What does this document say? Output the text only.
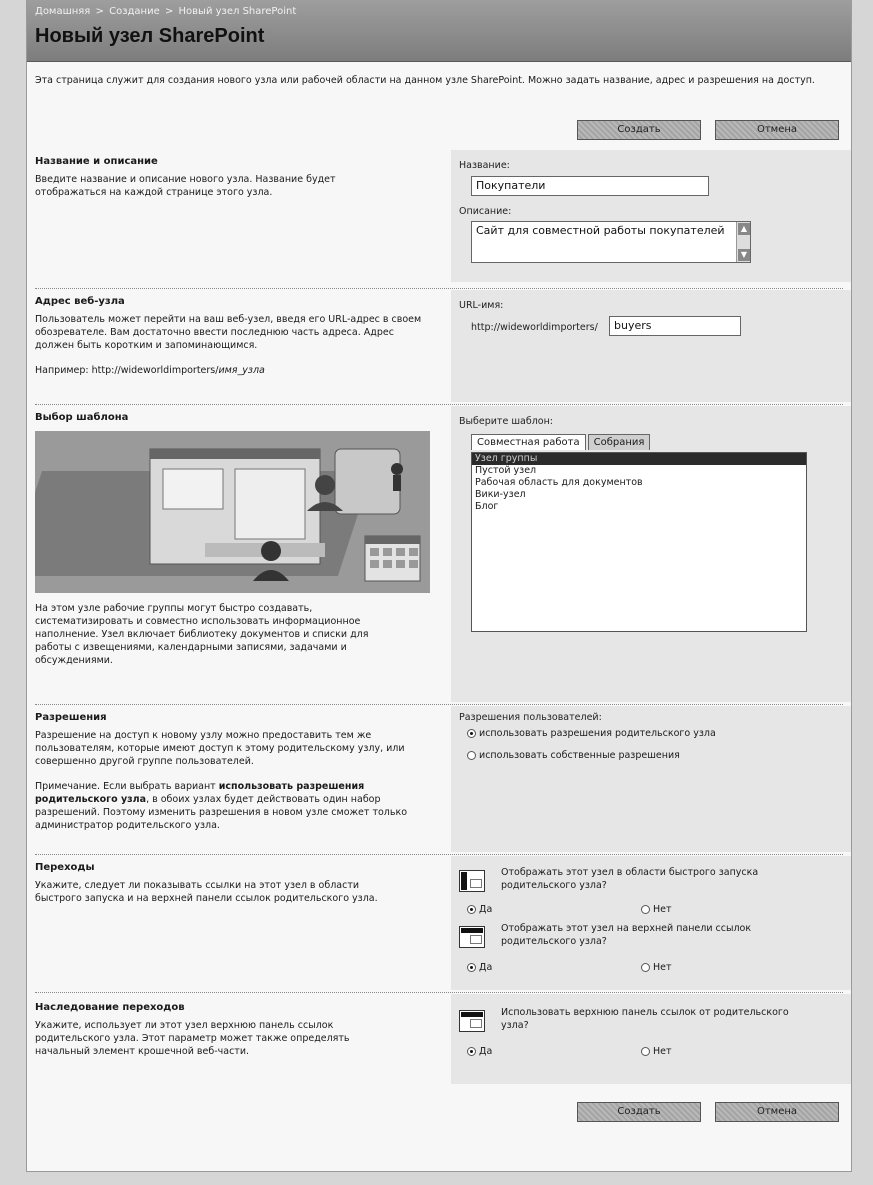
Домашняя > Создание > Новый узел SharePoint
Новый узел SharePoint
Эта страница служит для создания нового узла или рабочей области на данном узле SharePoint. Можно задать название, адрес и разрешения на доступ.
Создать	Отмена
Название и описание
Введите название и описание нового узла. Название будет отображаться на каждой странице этого узла.
Название:
Покупатели
Описание:
Сайт для совместной работы покупателей	▲
▼
Адрес веб-узла
Пользователь может перейти на ваш веб-узел, введя его URL-адрес в своем обозревателе. Вам достаточно ввести последнюю часть адреса. Адрес должен быть коротким и запоминающимся.
Например: http://wideworldimporters/имя_узла
URL-имя:
http://wideworldimporters/	buyers
Выбор шаблона
На этом узле рабочие группы могут быстро создавать, систематизировать и совместно использовать информационное наполнение. Узел включает библиотеку документов и списки для работы с извещениями, календарными записями, задачами и обсуждениями.
Выберите шаблон:
Совместная работа	Собрания
Узел группы
Пустой узел
Рабочая область для документов
Вики-узел
Блог
Разрешения
Разрешение на доступ к новому узлу можно предоставить тем же пользователям, которые имеют доступ к этому родительскому узлу, или совершенно другой группе пользователей.
Примечание. Если выбрать вариант использовать разрешения родительского узла, в обоих узлах будет действовать один набор разрешений. Поэтому изменить разрешения в новом узле сможет только администратор родительского узла.
Разрешения пользователей:
использовать разрешения родительского узла
использовать собственные разрешения
Переходы
Укажите, следует ли показывать ссылки на этот узел в области быстрого запуска и на верхней панели ссылок родительского узла.
Отображать этот узел в области быстрого запуска родительского узла?
Да	Нет
Отображать этот узел на верхней панели ссылок родительского узла?
Да	Нет
Наследование переходов
Укажите, использует ли этот узел верхнюю панель ссылок родительского узла. Этот параметр может также определять начальный элемент крошечной веб-части.
Использовать верхнюю панель ссылок от родительского узла?
Да	Нет
Создать	Отмена
